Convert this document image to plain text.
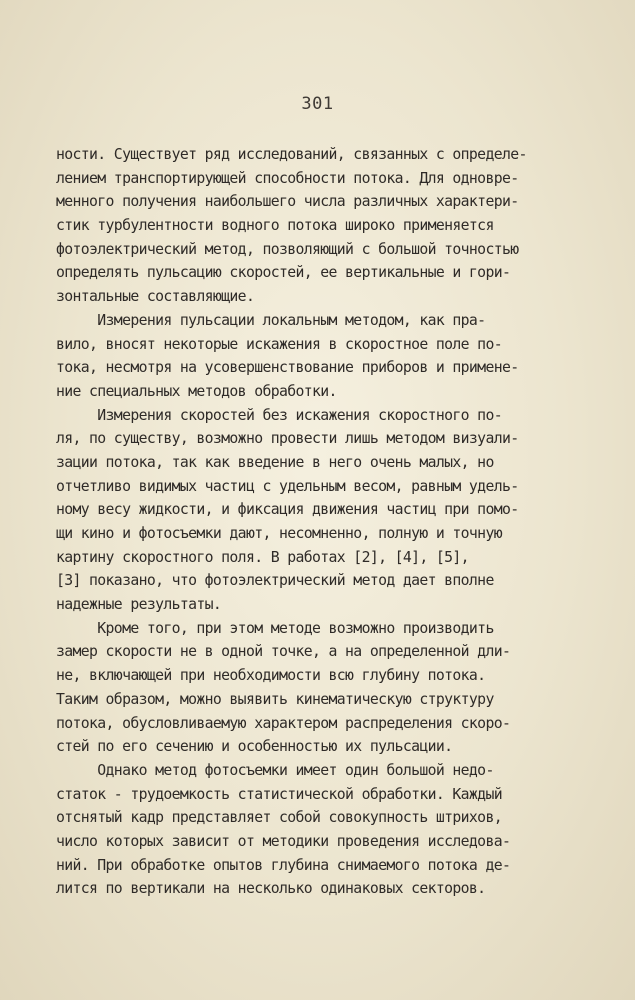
301
ности. Существует ряд исследований, связанных с определе-
лением транспортирующей способности потока. Для одновре-
менного получения наибольшего числа различных характери-
стик турбулентности водного потока широко применяется
фотоэлектрический метод, позволяющий с большой точностью
определять пульсацию скоростей, ее вертикальные и гори-
зонтальные составляющие.
Измерения пульсации локальным методом, как пра-
вило, вносят некоторые искажения в скоростное поле по-
тока, несмотря на усовершенствование приборов и примене-
ние специальных методов обработки.
Измерения скоростей без искажения скоростного по-
ля, по существу, возможно провести лишь методом визуали-
зации потока, так как введение в него очень малых, но
отчетливо видимых частиц с удельным весом, равным удель-
ному весу жидкости, и фиксация движения частиц при помо-
щи кино и фотосъемки дают, несомненно, полную и точную
картину скоростного поля. В работах [2], [4], [5],
[3] показано, что фотоэлектрический метод дает вполне
надежные результаты.
Кроме того, при этом методе возможно производить
замер скорости не в одной точке, а на определенной дли-
не, включающей при необходимости всю глубину потока.
Таким образом, можно выявить кинематическую структуру
потока, обусловливаемую характером распределения скоро-
стей по его сечению и особенностью их пульсации.
Однако метод фотосъемки имеет один большой недо-
статок - трудоемкость статистической обработки. Каждый
отснятый кадр представляет собой совокупность штрихов,
число которых зависит от методики проведения исследова-
ний. При обработке опытов глубина снимаемого потока де-
лится по вертикали на несколько одинаковых секторов.
